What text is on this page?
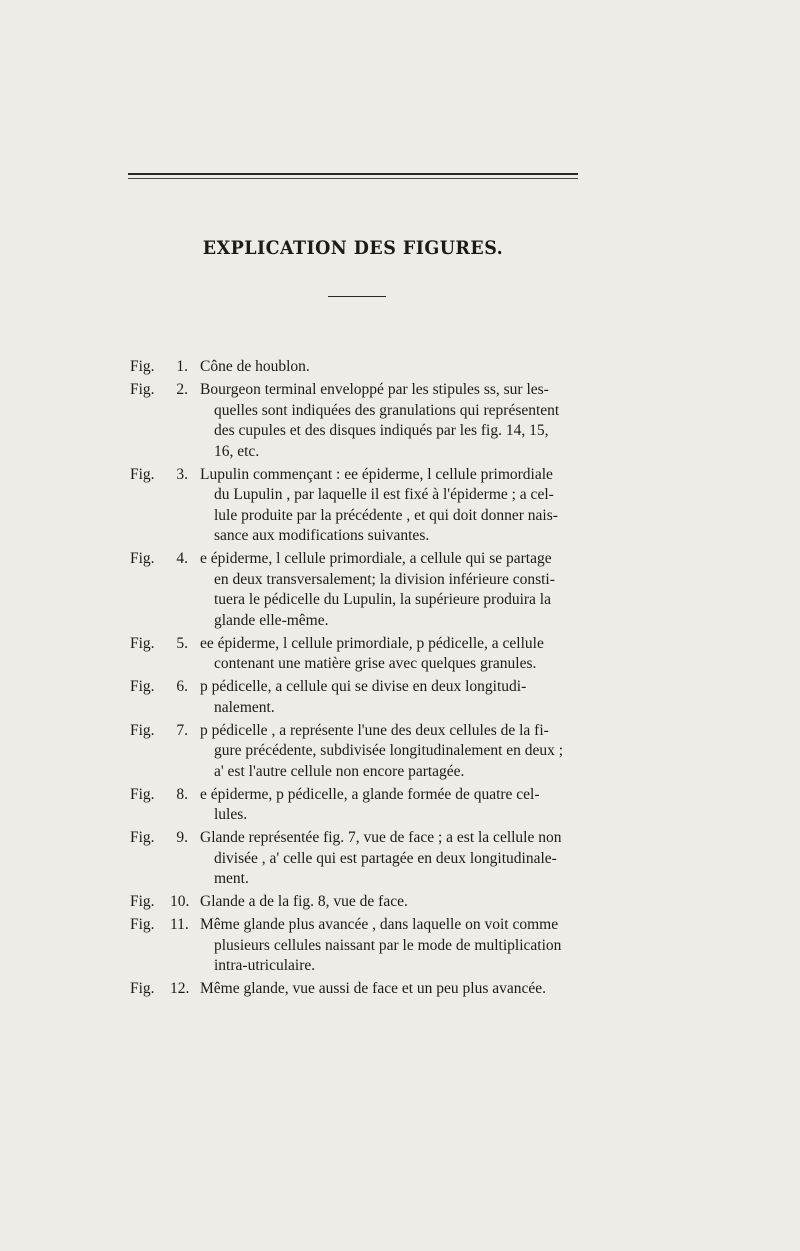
EXPLICATION DES FIGURES.
Fig.	1. Cône de houblon.
Fig.	2. Bourgeon terminal enveloppé par les stipules ss, sur les-
quelles sont indiquées des granulations qui représentent
des cupules et des disques indiqués par les fig. 14, 15,
16, etc.
Fig.	3. Lupulin commençant : ee épiderme, l cellule primordiale
du Lupulin , par laquelle il est fixé à l'épiderme ; a cel-
lule produite par la précédente , et qui doit donner nais-
sance aux modifications suivantes.
Fig.	4. e épiderme, l cellule primordiale, a cellule qui se partage
en deux transversalement; la division inférieure consti-
tuera le pédicelle du Lupulin, la supérieure produira la
glande elle-même.
Fig.	5. ee épiderme, l cellule primordiale, p pédicelle, a cellule
contenant une matière grise avec quelques granules.
Fig.	6. p pédicelle, a cellule qui se divise en deux longitudi-
nalement.
Fig.	7. p pédicelle , a représente l'une des deux cellules de la fi-
gure précédente, subdivisée longitudinalement en deux ;
a' est l'autre cellule non encore partagée.
Fig.	8. e épiderme, p pédicelle, a glande formée de quatre cel-
lules.
Fig.	9. Glande représentée fig. 7, vue de face ; a est la cellule non
divisée , a' celle qui est partagée en deux longitudinale-
ment.
Fig. 10. Glande a de la fig. 8, vue de face.
Fig. 11. Même glande plus avancée , dans laquelle on voit comme
plusieurs cellules naissant par le mode de multiplication
intra-utriculaire.
Fig. 12. Même glande, vue aussi de face et un peu plus avancée.
